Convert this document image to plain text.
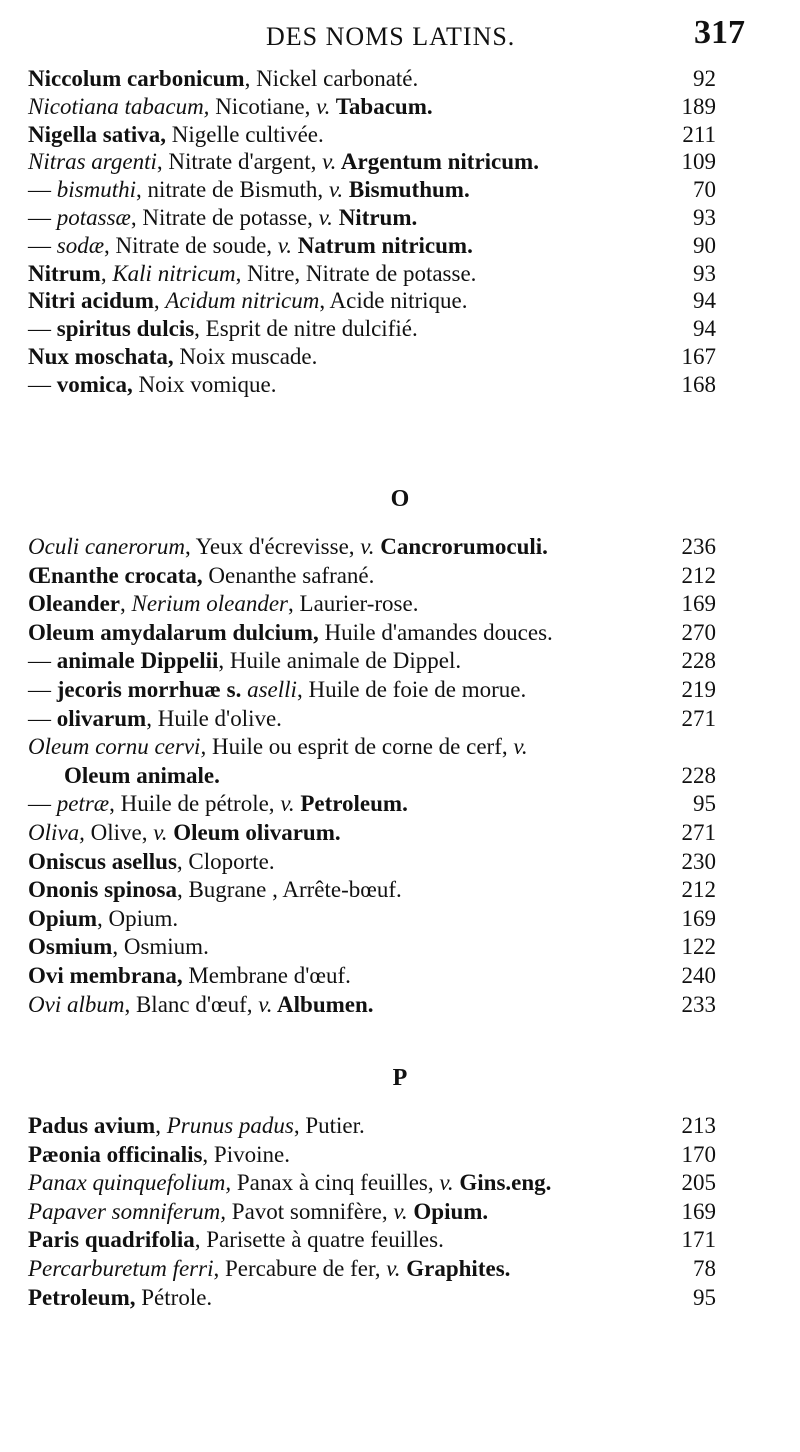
DES NOMS LATINS.	317
Niccolum carbonicum, Nickel carbonaté.	92
Nicotiana tabacum, Nicotiane, v. Tabacum.	189
Nigella sativa, Nigelle cultivée.	211
Nitras argenti, Nitrate d'argent, v. Argentum nitricum.	109
— bismuthi, nitrate de Bismuth, v. Bismuthum.	70
— potassæ, Nitrate de potasse, v. Nitrum.	93
— sodæ, Nitrate de soude, v. Natrum nitricum.	90
Nitrum, Kali nitricum, Nitre, Nitrate de potasse.	93
Nitri acidum, Acidum nitricum, Acide nitrique.	94
— spiritus dulcis, Esprit de nitre dulcifié.	94
Nux moschata, Noix muscade.	167
— vomica, Noix vomique.	168
O
Oculi canerorum, Yeux d'écrevisse, v. Cancrorumoculi.	236
Œnanthe crocata, Oenanthe safrané.	212
Oleander, Nerium oleander, Laurier-rose.	169
Oleum amydalarum dulcium, Huile d'amandes douces.	270
— animale Dippelii, Huile animale de Dippel.	228
— jecoris morrhuæ s. aselli, Huile de foie de morue.	219
— olivarum, Huile d'olive.	271
Oleum cornu cervi, Huile ou esprit de corne de cerf, v.
Oleum animale.	228
— petræ, Huile de pétrole, v. Petroleum.	95
Oliva, Olive, v. Oleum olivarum.	271
Oniscus asellus, Cloporte.	230
Ononis spinosa, Bugrane , Arrête-bœuf.	212
Opium, Opium.	169
Osmium, Osmium.	122
Ovi membrana, Membrane d'œuf.	240
Ovi album, Blanc d'œuf, v. Albumen.	233
P
Padus avium, Prunus padus, Putier.	213
Pæonia officinalis, Pivoine.	170
Panax quinquefolium, Panax à cinq feuilles, v. Gins.eng.	205
Papaver somniferum, Pavot somnifère, v. Opium.	169
Paris quadrifolia, Parisette à quatre feuilles.	171
Percarburetum ferri, Percabure de fer, v. Graphites.	78
Petroleum, Pétrole.	95
